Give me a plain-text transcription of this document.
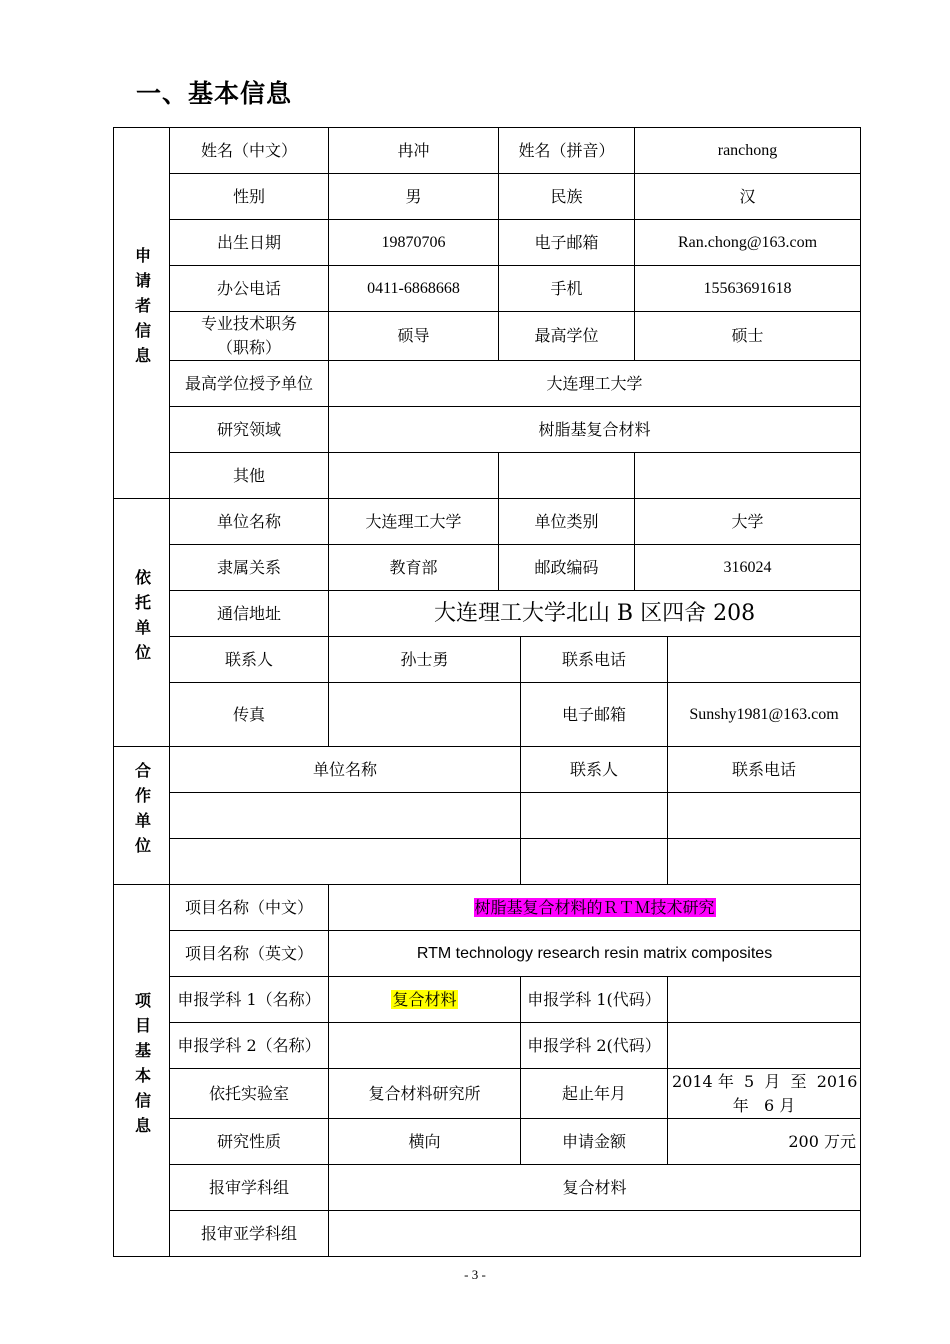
一、基本信息
申请者信息	姓名（中文）	冉冲	姓名（拼音）		ranchong	
	性别	男	民族		汉	
	出生日期	19870706	电子邮箱		Ran.chong@163.com	
	办公电话	0411-6868668	手机		15563691618	

	专业技术职务
（职称）	硕导	最高学位		硕士	
	最高学位授予单位	大连理工大学				
	研究领域	树脂基复合材料				
	其他					
依托单位	单位名称	大连理工大学	单位类别		大学	
	隶属关系	教育部	邮政编码		316024	
	通信地址	大连理工大学北山 B 区四舍 208				
	联系人	孙士勇		联系电话		
	传真			电子邮箱		Sunshy1981@163.com
合作单位	单位名称			联系人		联系电话

项目基本信息	项目名称（中文）	树脂基复合材料的ＲＴＭ技术研究				
	项目名称（英文）	RTM technology research resin matrix composites				
	申报学科 1（名称）	复合材料		申报学科 1(代码）		
	申报学科 2（名称）			申报学科 2(代码）		
	依托实验室	复合材料研究所		起止年月		2014 年  5  月  至  2016
年   6 月

	研究性质	横向		申请金额		200 万元
	报审学科组	复合材料				
	报审亚学科组					
- 3 -
